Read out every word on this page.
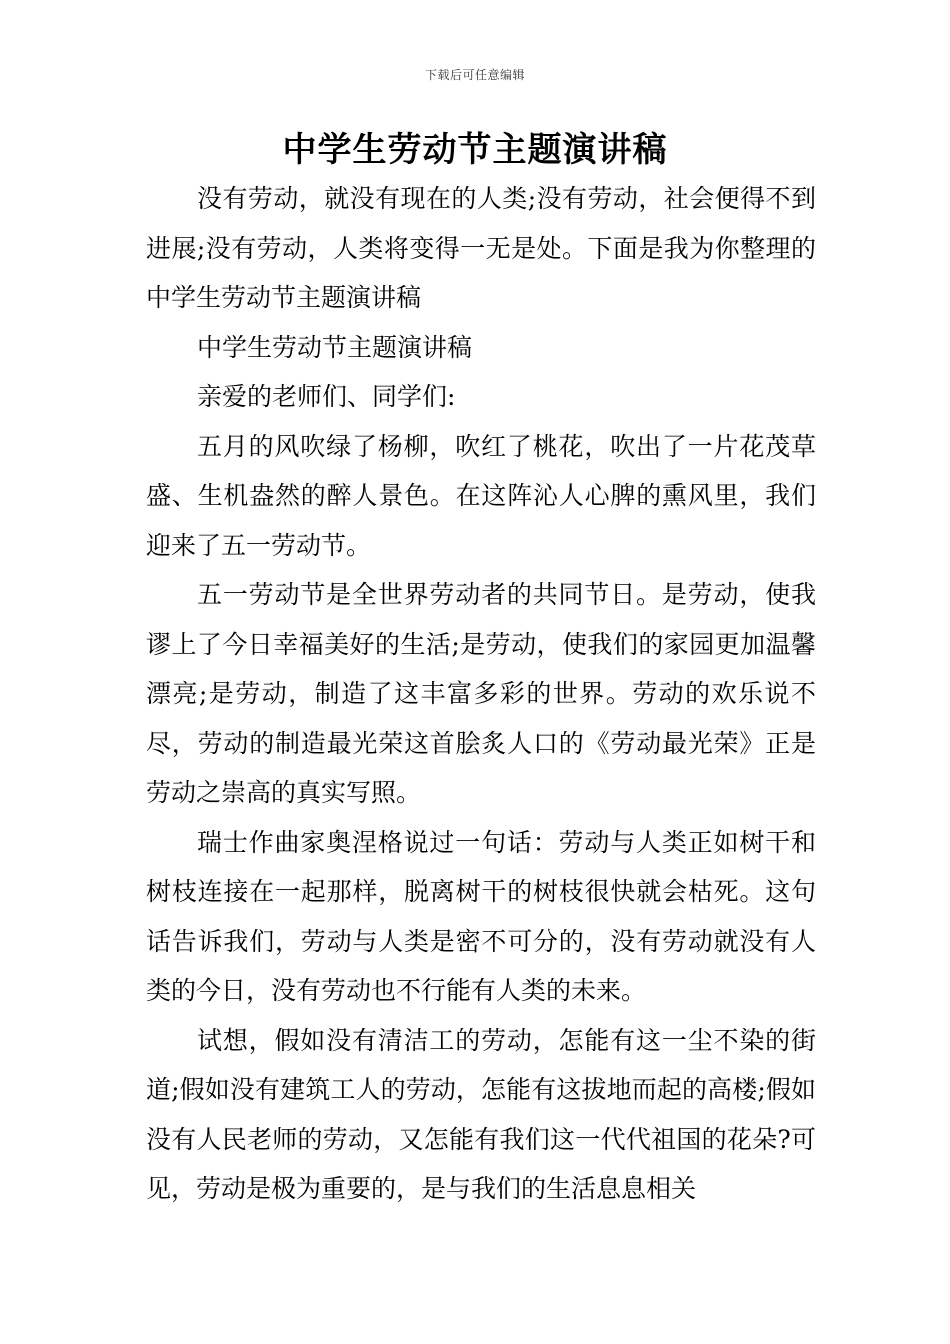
下载后可任意编辑
中学生劳动节主题演讲稿

没有劳动，就没有现在的人类;没有劳动，社会便得不到进展;没有劳动，人类将变得一无是处。下面是我为你整理的中学生劳动节主题演讲稿

中学生劳动节主题演讲稿

亲爱的老师们、同学们:

五月的风吹绿了杨柳，吹红了桃花，吹出了一片花茂草盛、生机盎然的醉人景色。在这阵沁人心脾的熏风里，我们迎来了五一劳动节。

五一劳动节是全世界劳动者的共同节日。是劳动，使我谬上了今日幸福美好的生活;是劳动，使我们的家园更加温馨漂亮;是劳动，制造了这丰富多彩的世界。劳动的欢乐说不尽，劳动的制造最光荣这首脍炙人口的《劳动最光荣》正是劳动之崇高的真实写照。

瑞士作曲家奥涅格说过一句话：劳动与人类正如树干和树枝连接在一起那样，脱离树干的树枝很快就会枯死。这句话告诉我们，劳动与人类是密不可分的，没有劳动就没有人类的今日，没有劳动也不行能有人类的未来。

试想，假如没有清洁工的劳动，怎能有这一尘不染的街道;假如没有建筑工人的劳动，怎能有这拔地而起的高楼;假如没有人民老师的劳动，又怎能有我们这一代代祖国的花朵?可见，劳动是极为重要的，是与我们的生活息息相关
